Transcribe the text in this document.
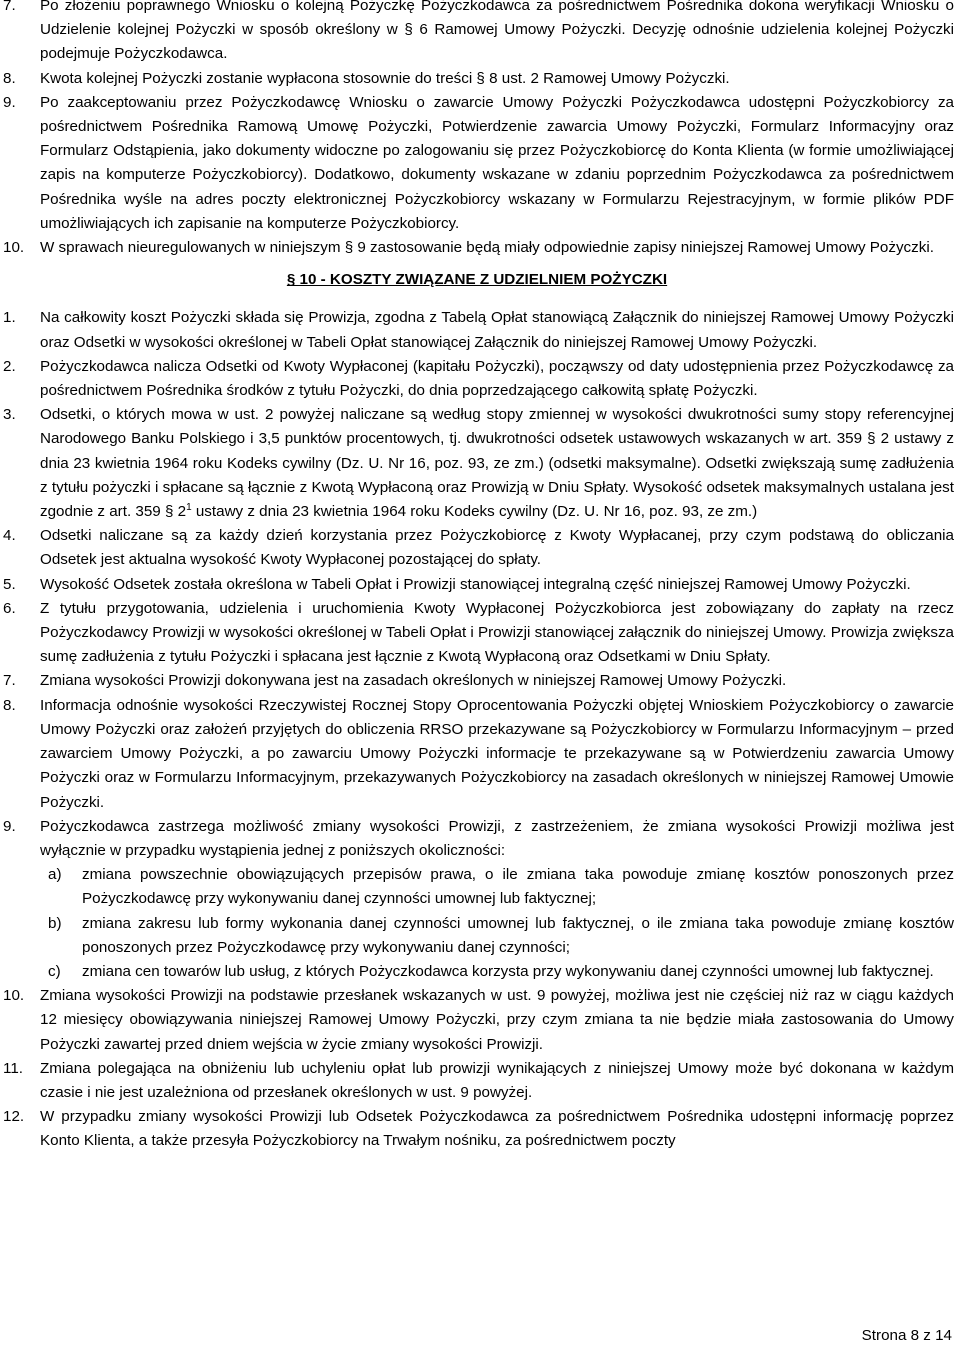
7.	Po złożeniu poprawnego Wniosku o kolejną Pożyczkę Pożyczkodawca za pośrednictwem Pośrednika dokona weryfikacji Wniosku o Udzielenie kolejnej Pożyczki w sposób określony w § 6 Ramowej Umowy Pożyczki. Decyzję odnośnie udzielenia kolejnej Pożyczki podejmuje Pożyczkodawca.
8.	Kwota kolejnej Pożyczki zostanie wypłacona stosownie do treści § 8 ust. 2 Ramowej Umowy Pożyczki.
9.	Po zaakceptowaniu przez Pożyczkodawcę Wniosku o zawarcie Umowy Pożyczki Pożyczkodawca udostępni Pożyczkobiorcy za pośrednictwem Pośrednika Ramową Umowę Pożyczki, Potwierdzenie zawarcia Umowy Pożyczki, Formularz Informacyjny oraz Formularz Odstąpienia, jako dokumenty widoczne po zalogowaniu się przez Pożyczkobiorcę do Konta Klienta (w formie umożliwiającej zapis na komputerze Pożyczkobiorcy). Dodatkowo, dokumenty wskazane w zdaniu poprzednim Pożyczkodawca za pośrednictwem Pośrednika wyśle na adres poczty elektronicznej Pożyczkobiorcy wskazany w Formularzu Rejestracyjnym, w formie plików PDF umożliwiających ich zapisanie na komputerze Pożyczkobiorcy.
10.	W sprawach nieuregulowanych w niniejszym § 9 zastosowanie będą miały odpowiednie zapisy niniejszej Ramowej Umowy Pożyczki.
§ 10 - KOSZTY ZWIĄZANE Z UDZIELNIEM POŻYCZKI
1.	Na całkowity koszt Pożyczki składa się Prowizja, zgodna z Tabelą Opłat stanowiącą Załącznik do niniejszej Ramowej Umowy Pożyczki oraz Odsetki w wysokości określonej w Tabeli Opłat stanowiącej Załącznik do niniejszej Ramowej Umowy Pożyczki.
2.	Pożyczkodawca nalicza Odsetki od Kwoty Wypłaconej (kapitału Pożyczki), począwszy od daty udostępnienia przez Pożyczkodawcę za pośrednictwem Pośrednika środków z tytułu Pożyczki, do dnia poprzedzającego całkowitą spłatę Pożyczki.
3.	Odsetki, o których mowa w ust. 2 powyżej naliczane są według stopy zmiennej w wysokości dwukrotności sumy stopy referencyjnej Narodowego Banku Polskiego i 3,5 punktów procentowych, tj. dwukrotności odsetek ustawowych wskazanych w art. 359 § 2 ustawy z dnia 23 kwietnia 1964 roku Kodeks cywilny (Dz. U. Nr 16, poz. 93, ze zm.) (odsetki maksymalne). Odsetki zwiększają sumę zadłużenia z tytułu pożyczki i spłacane są łącznie z Kwotą Wypłaconą oraz Prowizją w Dniu Spłaty. Wysokość odsetek maksymalnych ustalana jest zgodnie z art. 359 § $2^1$ ustawy z dnia 23 kwietnia 1964 roku Kodeks cywilny (Dz. U. Nr 16, poz. 93, ze zm.)
4.	Odsetki naliczane są za każdy dzień korzystania przez Pożyczkobiorcę z Kwoty Wypłacanej, przy czym podstawą do obliczania Odsetek jest aktualna wysokość Kwoty Wypłaconej pozostającej do spłaty.
5.	Wysokość Odsetek została określona w Tabeli Opłat i Prowizji stanowiącej integralną część niniejszej Ramowej Umowy Pożyczki.
6.	Z tytułu przygotowania, udzielenia i uruchomienia Kwoty Wypłaconej Pożyczkobiorca jest zobowiązany do zapłaty na rzecz Pożyczkodawcy Prowizji w wysokości określonej w Tabeli Opłat i Prowizji stanowiącej załącznik do niniejszej Umowy. Prowizja zwiększa sumę zadłużenia z tytułu Pożyczki i spłacana jest łącznie z Kwotą Wypłaconą oraz Odsetkami w Dniu Spłaty.
7.	Zmiana wysokości Prowizji dokonywana jest na zasadach określonych w niniejszej Ramowej Umowy Pożyczki.
8.	Informacja odnośnie wysokości Rzeczywistej Rocznej Stopy Oprocentowania Pożyczki objętej Wnioskiem Pożyczkobiorcy o zawarcie Umowy Pożyczki oraz założeń przyjętych do obliczenia RRSO przekazywane są Pożyczkobiorcy w Formularzu Informacyjnym – przed zawarciem Umowy Pożyczki, a po zawarciu Umowy Pożyczki informacje te przekazywane są w Potwierdzeniu zawarcia Umowy Pożyczki oraz w Formularzu Informacyjnym, przekazywanych Pożyczkobiorcy na zasadach określonych w niniejszej Ramowej Umowie Pożyczki.
9.	Pożyczkodawca zastrzega możliwość zmiany wysokości Prowizji, z zastrzeżeniem, że zmiana wysokości Prowizji możliwa jest wyłącznie w przypadku wystąpienia jednej z poniższych okoliczności:
a)	zmiana powszechnie obowiązujących przepisów prawa, o ile zmiana taka powoduje zmianę kosztów ponoszonych przez Pożyczkodawcę przy wykonywaniu danej czynności umownej lub faktycznej;
b)	zmiana zakresu lub formy wykonania danej czynności umownej lub faktycznej, o ile zmiana taka powoduje zmianę kosztów ponoszonych przez Pożyczkodawcę przy wykonywaniu danej czynności;
c)	zmiana cen towarów lub usług, z których Pożyczkodawca korzysta przy wykonywaniu danej czynności umownej lub faktycznej.
10.	Zmiana wysokości Prowizji na podstawie przesłanek wskazanych w ust. 9 powyżej, możliwa jest nie częściej niż raz w ciągu każdych 12 miesięcy obowiązywania niniejszej Ramowej Umowy Pożyczki, przy czym zmiana ta nie będzie miała zastosowania do Umowy Pożyczki zawartej przed dniem wejścia w życie zmiany wysokości Prowizji.
11.	Zmiana polegająca na obniżeniu lub uchyleniu opłat lub prowizji wynikających z niniejszej Umowy może być dokonana w każdym czasie i nie jest uzależniona od przesłanek określonych w ust. 9 powyżej.
12.	W przypadku zmiany wysokości Prowizji lub Odsetek Pożyczkodawca za pośrednictwem Pośrednika udostępni informację poprzez Konto Klienta, a także przesyła Pożyczkobiorcy na Trwałym nośniku, za pośrednictwem poczty
Strona 8 z 14
